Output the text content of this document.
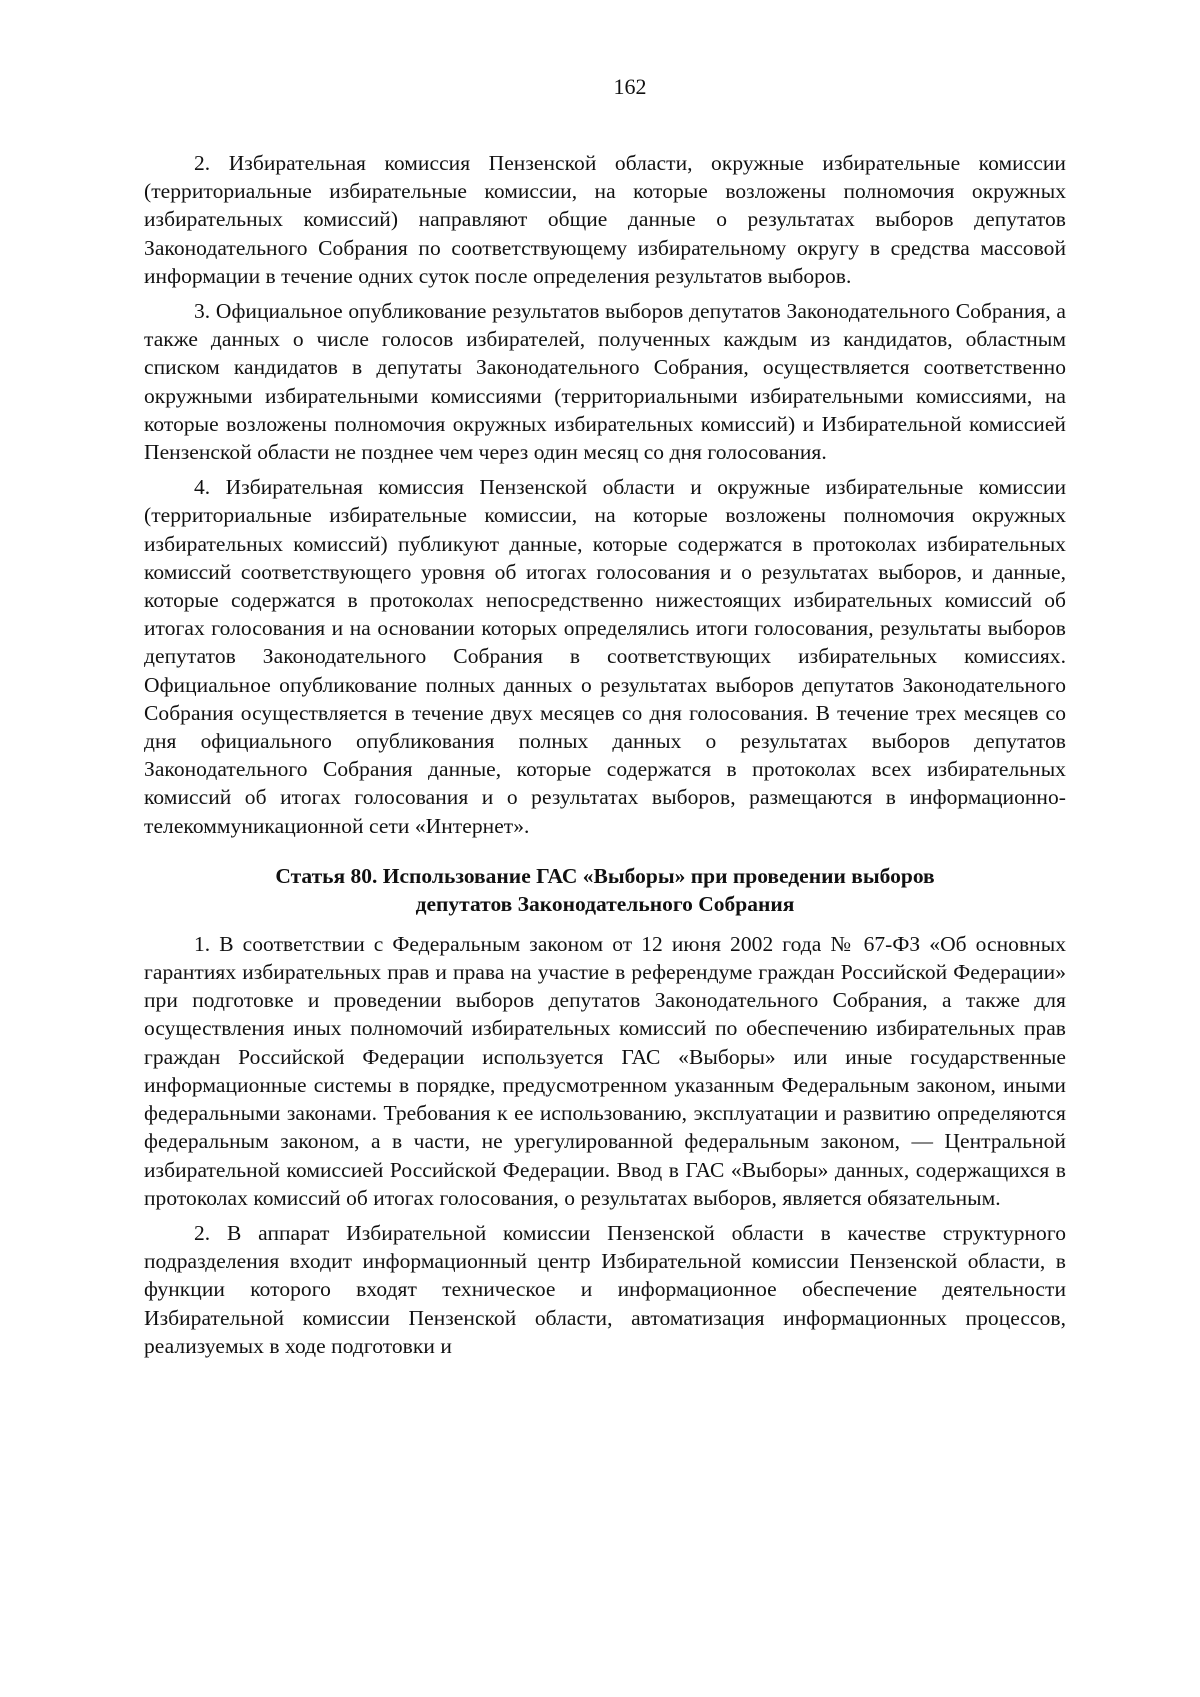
162

2. Избирательная комиссия Пензенской области, окружные избирательные комиссии (территориальные избирательные комиссии, на которые возложены полномочия окружных избирательных комиссий) направляют общие данные о результатах выборов депутатов Законодательного Собрания по соответствующему избирательному округу в средства массовой информации в течение одних суток после определения результатов выборов.

3. Официальное опубликование результатов выборов депутатов Законодательного Собрания, а также данных о числе голосов избирателей, полученных каждым из кандидатов, областным списком кандидатов в депутаты Законодательного Собрания, осуществляется соответственно окружными избирательными комиссиями (территориальными избирательными комиссиями, на которые возложены полномочия окружных избирательных комиссий) и Избирательной комиссией Пензенской области не позднее чем через один месяц со дня голосования.

4. Избирательная комиссия Пензенской области и окружные избирательные комиссии (территориальные избирательные комиссии, на которые возложены полномочия окружных избирательных комиссий) публикуют данные, которые содержатся в протоколах избирательных комиссий соответствующего уровня об итогах голосования и о результатах выборов, и данные, которые содержатся в протоколах непосредственно нижестоящих избирательных комиссий об итогах голосования и на основании которых определялись итоги голосования, результаты выборов депутатов Законодательного Собрания в соответствующих избирательных комиссиях. Официальное опубликование полных данных о результатах выборов депутатов Законодательного Собрания осуществляется в течение двух месяцев со дня голосования. В течение трех месяцев со дня официального опубликования полных данных о результатах выборов депутатов Законодательного Собрания данные, которые содержатся в протоколах всех избирательных комиссий об итогах голосования и о результатах выборов, размещаются в информационно-телекоммуникационной сети «Интернет».

Статья 80. Использование ГАС «Выборы» при проведении выборов
депутатов Законодательного Собрания

1. В соответствии с Федеральным законом от 12 июня 2002 года № 67-ФЗ «Об основных гарантиях избирательных прав и права на участие в референдуме граждан Российской Федерации» при подготовке и проведении выборов депутатов Законодательного Собрания, а также для осуществления иных полномочий избирательных комиссий по обеспечению избирательных прав граждан Российской Федерации используется ГАС «Выборы» или иные государственные информационные системы в порядке, предусмотренном указанным Федеральным законом, иными федеральными законами. Требования к ее использованию, эксплуатации и развитию определяются федеральным законом, а в части, не урегулированной федеральным законом, — Центральной избирательной комиссией Российской Федерации. Ввод в ГАС «Выборы» данных, содержащихся в протоколах комиссий об итогах голосования, о результатах выборов, является обязательным.

2. В аппарат Избирательной комиссии Пензенской области в качестве структурного подразделения входит информационный центр Избирательной комиссии Пензенской области, в функции которого входят техническое и информационное обеспечение деятельности Избирательной комиссии Пензенской области, автоматизация информационных процессов, реализуемых в ходе подготовки и
